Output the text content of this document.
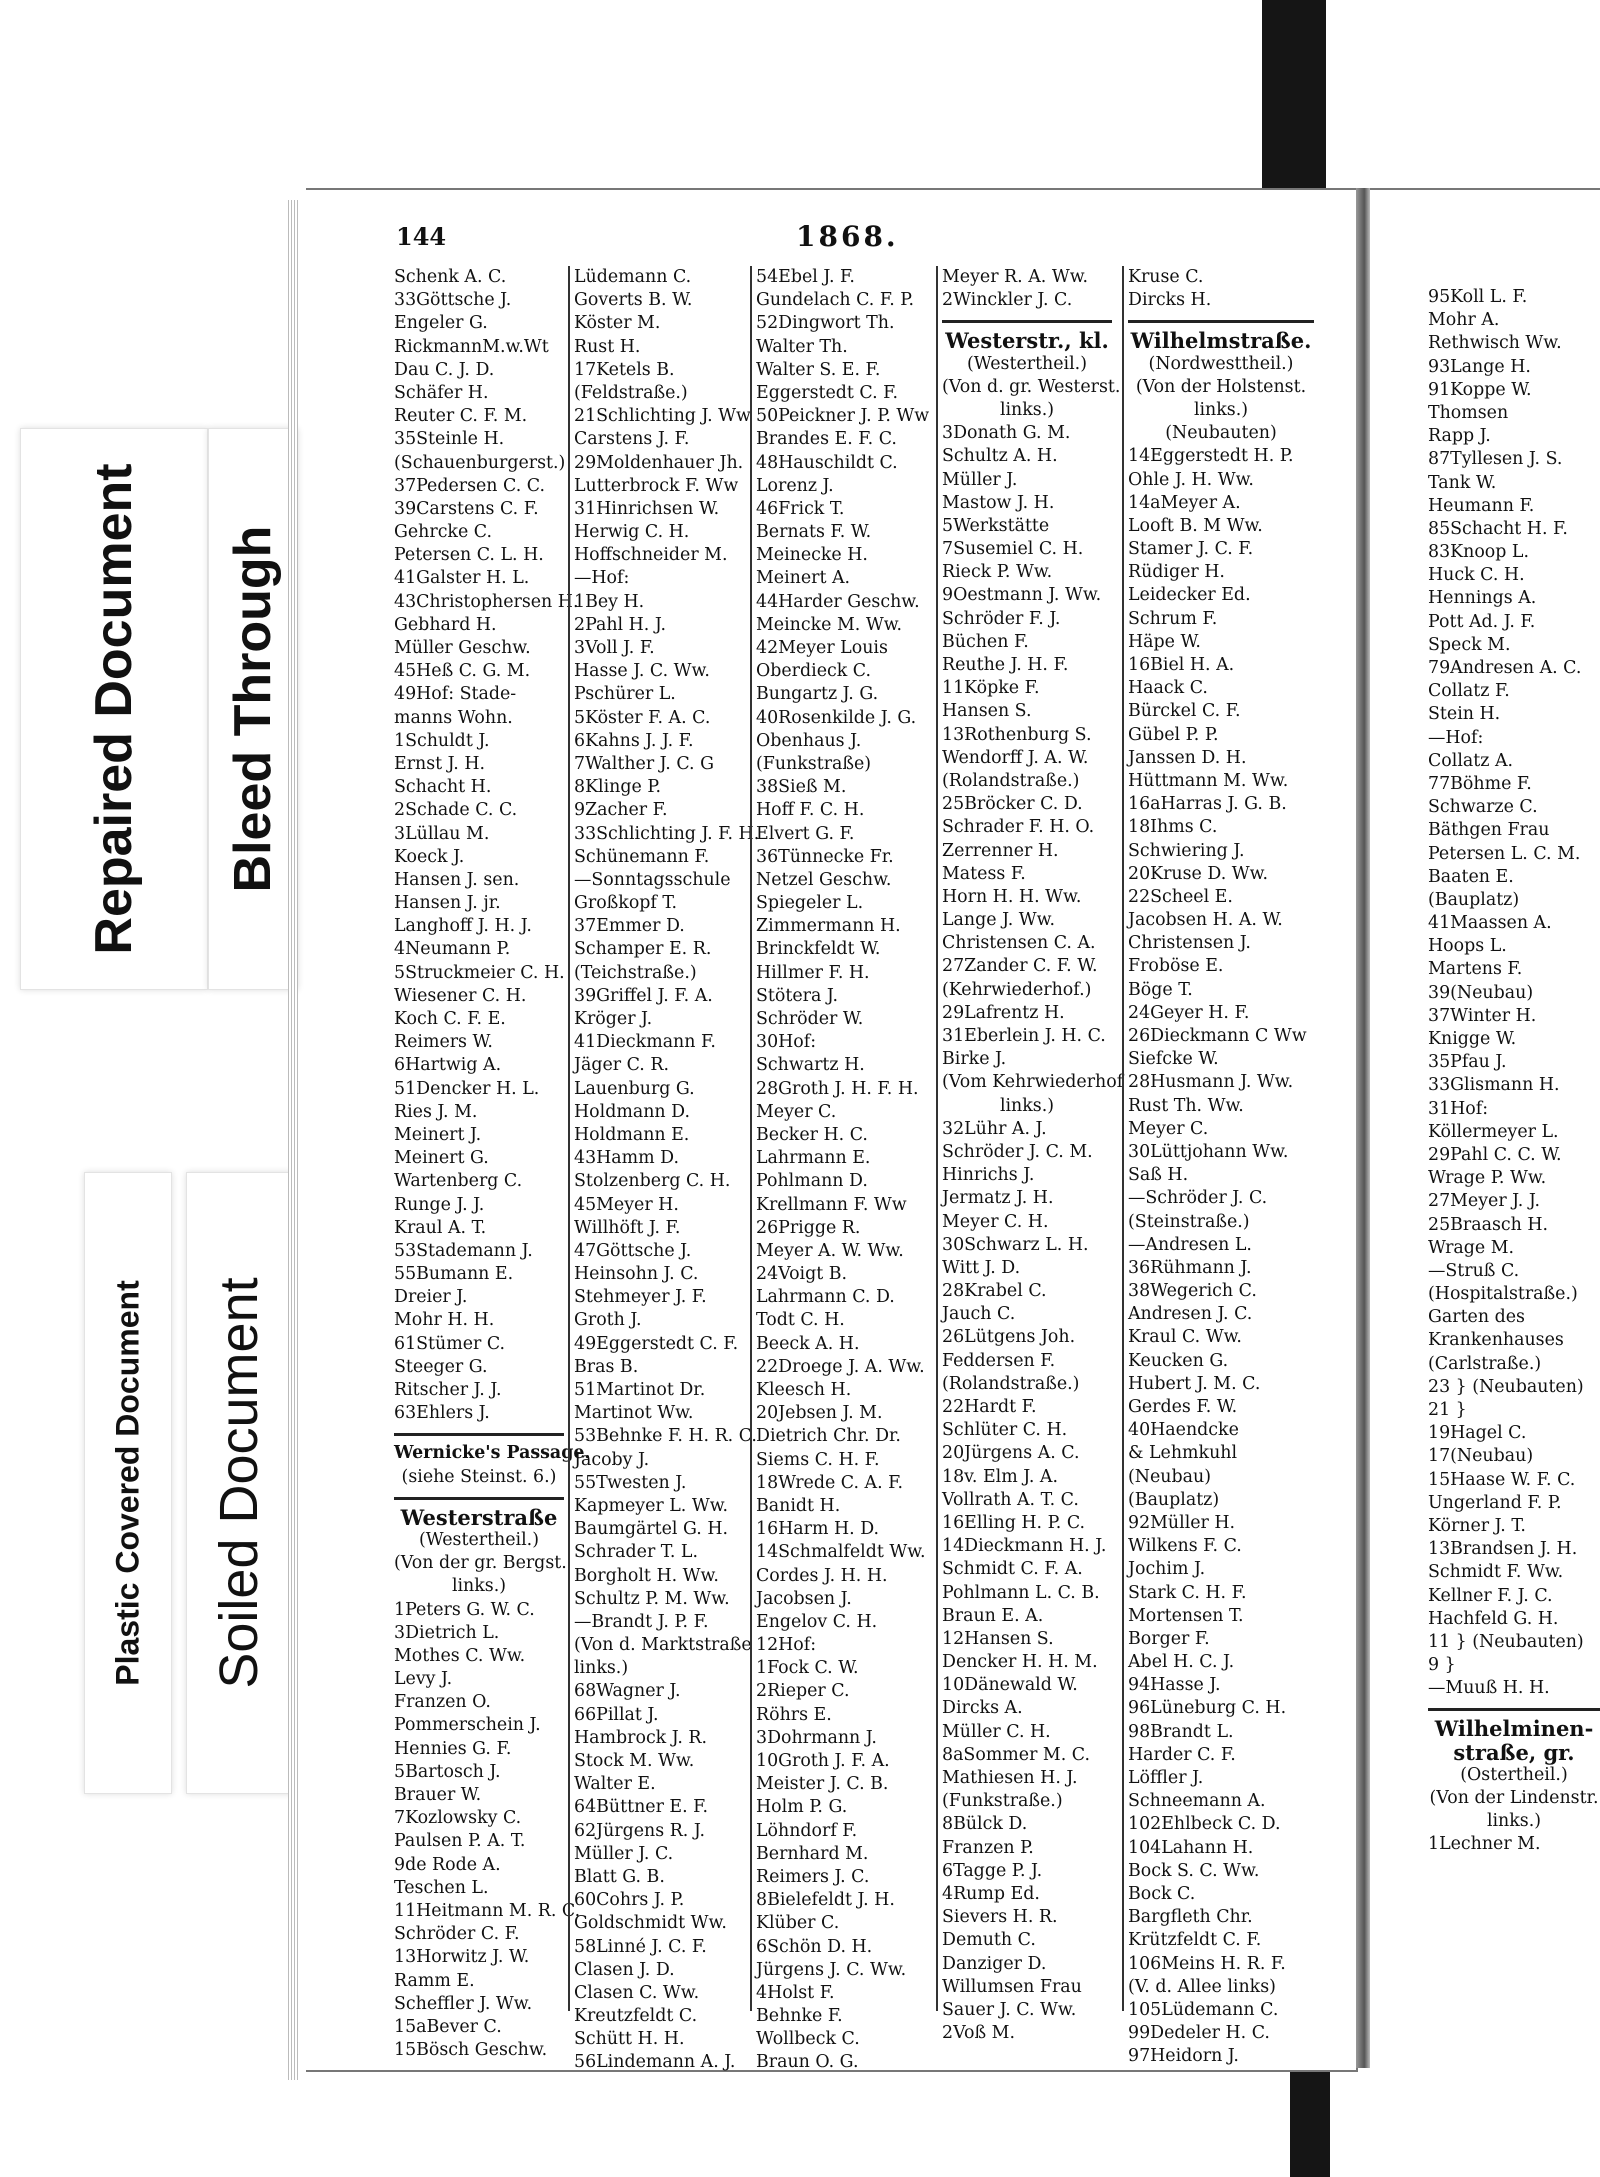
Repaired Document Bleed Through
Plastic Covered Document Soiled Document
144	1868.
Schenk A. C.
33Göttsche J.
Engeler G.
RickmannM.w.Wt
Dau C. J. D.
Schäfer H.
Reuter C. F. M.
35Steinle H.
(Schauenburgerst.)
37Pedersen C. C.
39Carstens C. F.
Gehrcke C.
Petersen C. L. H.
41Galster H. L.
43Christophersen H.
Gebhard H.
Müller Geschw.
45Heß C. G. M.
49Hof: Stade-
manns Wohn.
1Schuldt J.
Ernst J. H.
Schacht H.
2Schade C. C.
3Lüllau M.
Koeck J.
Hansen J. sen.
Hansen J. jr.
Langhoff J. H. J.
4Neumann P.
5Struckmeier C. H.
Wiesener C. H.
Koch C. F. E.
Reimers W.
6Hartwig A.
51Dencker H. L.
Ries J. M.
Meinert J.
Meinert G.
Wartenberg C.
Runge J. J.
Kraul A. T.
53Stademann J.
55Bumann E.
Dreier J.
Mohr H. H.
61Stümer C.
Steeger G.
Ritscher J. J.
63Ehlers J.
Wernicke's Passage.
(siehe Steinst. 6.)
Westerstraße
(Westertheil.)
(Von der gr. Bergst.
links.)
1Peters G. W. C.
3Dietrich L.
Mothes C. Ww.
Levy J.
Franzen O.
Pommerschein J.
Hennies G. F.
5Bartosch J.
Brauer W.
7Kozlowsky C.
Paulsen P. A. T.
9de Rode A.
Teschen L.
11Heitmann M. R. C.
Schröder C. F.
13Horwitz J. W.
Ramm E.
Scheffler J. Ww.
15aBever C.
15Bösch Geschw.
Lüdemann C.
Goverts B. W.
Köster M.
Rust H.
17Ketels B.
(Feldstraße.)
21Schlichting J. Ww
Carstens J. F.
29Moldenhauer Jh.
Lutterbrock F. Ww
31Hinrichsen W.
Herwig C. H.
Hoffschneider M.
—Hof:
1Bey H.
2Pahl H. J.
3Voll J. F.
Hasse J. C. Ww.
Pschürer L.
5Köster F. A. C.
6Kahns J. J. F.
7Walther J. C. G
8Klinge P.
9Zacher F.
33Schlichting J. F. H.
Schünemann F.
—Sonntagsschule
Großkopf T.
37Emmer D.
Schamper E. R.
(Teichstraße.)
39Griffel J. F. A.
Kröger J.
41Dieckmann F.
Jäger C. R.
Lauenburg G.
Holdmann D.
Holdmann E.
43Hamm D.
Stolzenberg C. H.
45Meyer H.
Willhöft J. F.
47Göttsche J.
Heinsohn J. C.
Stehmeyer J. F.
Groth J.
49Eggerstedt C. F.
Bras B.
51Martinot Dr.
Martinot Ww.
53Behnke F. H. R. C.
Jacoby J.
55Twesten J.
Kapmeyer L. Ww.
Baumgärtel G. H.
Schrader T. L.
Borgholt H. Ww.
Schultz P. M. Ww.
—Brandt J. P. F.
(Von d. Marktstraße
links.)
68Wagner J.
66Pillat J.
Hambrock J. R.
Stock M. Ww.
Walter E.
64Büttner E. F.
62Jürgens R. J.
Müller J. C.
Blatt G. B.
60Cohrs J. P.
Goldschmidt Ww.
58Linné J. C. F.
Clasen J. D.
Clasen C. Ww.
Kreutzfeldt C.
Schütt H. H.
56Lindemann A. J.
54Ebel J. F.
Gundelach C. F. P.
52Dingwort Th.
Walter Th.
Walter S. E. F.
Eggerstedt C. F.
50Peickner J. P. Ww
Brandes E. F. C.
48Hauschildt C.
Lorenz J.
46Frick T.
Bernats F. W.
Meinecke H.
Meinert A.
44Harder Geschw.
Meincke M. Ww.
42Meyer Louis
Oberdieck C.
Bungartz J. G.
40Rosenkilde J. G.
Obenhaus J.
(Funkstraße)
38Sieß M.
Hoff F. C. H.
Elvert G. F.
36Tünnecke Fr.
Netzel Geschw.
Spiegeler L.
Zimmermann H.
Brinckfeldt W.
Hillmer F. H.
Stötera J.
Schröder W.
30Hof:
Schwartz H.
28Groth J. H. F. H.
Meyer C.
Becker H. C.
Lahrmann E.
Pohlmann D.
Krellmann F. Ww
26Prigge R.
Meyer A. W. Ww.
24Voigt B.
Lahrmann C. D.
Todt C. H.
Beeck A. H.
22Droege J. A. Ww.
Kleesch H.
20Jebsen J. M.
Dietrich Chr. Dr.
Siems C. H. F.
18Wrede C. A. F.
Banidt H.
16Harm H. D.
14Schmalfeldt Ww.
Cordes J. H. H.
Jacobsen J.
Engelov C. H.
12Hof:
1Fock C. W.
2Rieper C.
Röhrs E.
3Dohrmann J.
10Groth J. F. A.
Meister J. C. B.
Holm P. G.
Löhndorf F.
Bernhard M.
Reimers J. C.
8Bielefeldt J. H.
Klüber C.
6Schön D. H.
Jürgens J. C. Ww.
4Holst F.
Behnke F.
Wollbeck C.
Braun O. G.
Meyer R. A. Ww.
2Winckler J. C.
Westerstr., kl.
(Westertheil.)
(Von d. gr. Westerst.
links.)
3Donath G. M.
Schultz A. H.
Müller J.
Mastow J. H.
5Werkstätte
7Susemiel C. H.
Rieck P. Ww.
9Oestmann J. Ww.
Schröder F. J.
Büchen F.
Reuthe J. H. F.
11Köpke F.
Hansen S.
13Rothenburg S.
Wendorff J. A. W.
(Rolandstraße.)
25Bröcker C. D.
Schrader F. H. O.
Zerrenner H.
Matess F.
Horn H. H. Ww.
Lange J. Ww.
Christensen C. A.
27Zander C. F. W.
(Kehrwiederhof.)
29Lafrentz H.
31Eberlein J. H. C.
Birke J.
(Vom Kehrwiederhof
links.)
32Lühr A. J.
Schröder J. C. M.
Hinrichs J.
Jermatz J. H.
Meyer C. H.
30Schwarz L. H.
Witt J. D.
28Krabel C.
Jauch C.
26Lütgens Joh.
Feddersen F.
(Rolandstraße.)
22Hardt F.
Schlüter C. H.
20Jürgens A. C.
18v. Elm J. A.
Vollrath A. T. C.
16Elling H. P. C.
14Dieckmann H. J.
Schmidt C. F. A.
Pohlmann L. C. B.
Braun E. A.
12Hansen S.
Dencker H. H. M.
10Dänewald W.
Dircks A.
Müller C. H.
8aSommer M. C.
Mathiesen H. J.
(Funkstraße.)
8Bülck D.
Franzen P.
6Tagge P. J.
4Rump Ed.
Sievers H. R.
Demuth C.
Danziger D.
Willumsen Frau
Sauer J. C. Ww.
2Voß M.
Kruse C.
Dircks H.
Wilhelmstraße.
(Nordwesttheil.)
(Von der Holstenst.
links.)
(Neubauten)
14Eggerstedt H. P.
Ohle J. H. Ww.
14aMeyer A.
Looft B. M Ww.
Stamer J. C. F.
Rüdiger H.
Leidecker Ed.
Schrum F.
Häpe W.
16Biel H. A.
Haack C.
Bürckel C. F.
Gübel P. P.
Janssen D. H.
Hüttmann M. Ww.
16aHarras J. G. B.
18Ihms C.
Schwiering J.
20Kruse D. Ww.
22Scheel E.
Jacobsen H. A. W.
Christensen J.
Froböse E.
Böge T.
24Geyer H. F.
26Dieckmann C Ww
Siefcke W.
28Husmann J. Ww.
Rust Th. Ww.
Meyer C.
30Lüttjohann Ww.
Saß H.
—Schröder J. C.
(Steinstraße.)
—Andresen L.
36Rühmann J.
38Wegerich C.
Andresen J. C.
Kraul C. Ww.
Keucken G.
Hubert J. M. C.
Gerdes F. W.
40Haendcke
& Lehmkuhl
(Neubau)
(Bauplatz)
92Müller H.
Wilkens F. C.
Jochim J.
Stark C. H. F.
Mortensen T.
Borger F.
Abel H. C. J.
94Hasse J.
96Lüneburg C. H.
98Brandt L.
Harder C. F.
Löffler J.
Schneemann A.
102Ehlbeck C. D.
104Lahann H.
Bock S. C. Ww.
Bock C.
Bargfleth Chr.
Krützfeldt C. F.
106Meins H. R. F.
(V. d. Allee links)
105Lüdemann C.
99Dedeler H. C.
97Heidorn J.
95Koll L. F.
Mohr A.
Rethwisch Ww.
93Lange H.
91Koppe W.
Thomsen
Rapp J.
87Tyllesen J. S.
Tank W.
Heumann F.
85Schacht H. F.
83Knoop L.
Huck C. H.
Hennings A.
Pott Ad. J. F.
Speck M.
79Andresen A. C.
Collatz F.
Stein H.
—Hof:
Collatz A.
77Böhme F.
Schwarze C.
Bäthgen Frau
Petersen L. C. M.
Baaten E.
(Bauplatz)
41Maassen A.
Hoops L.
Martens F.
39(Neubau)
37Winter H.
Knigge W.
35Pfau J.
33Glismann H.
31Hof:
Köllermeyer L.
29Pahl C. C. W.
Wrage P. Ww.
27Meyer J. J.
25Braasch H.
Wrage M.
—Struß C.
(Hospitalstraße.)
Garten des
Krankenhauses
(Carlstraße.)
23 } (Neubauten)
21 }
19Hagel C.
17(Neubau)
15Haase W. F. C.
Ungerland F. P.
Körner J. T.
13Brandsen J. H.
Schmidt F. Ww.
Kellner F. J. C.
Hachfeld G. H.
11 } (Neubauten)
9 }
—Muuß H. H.
Wilhelminen-
straße, gr.
(Ostertheil.)
(Von der Lindenstr.
links.)
1Lechner M.
